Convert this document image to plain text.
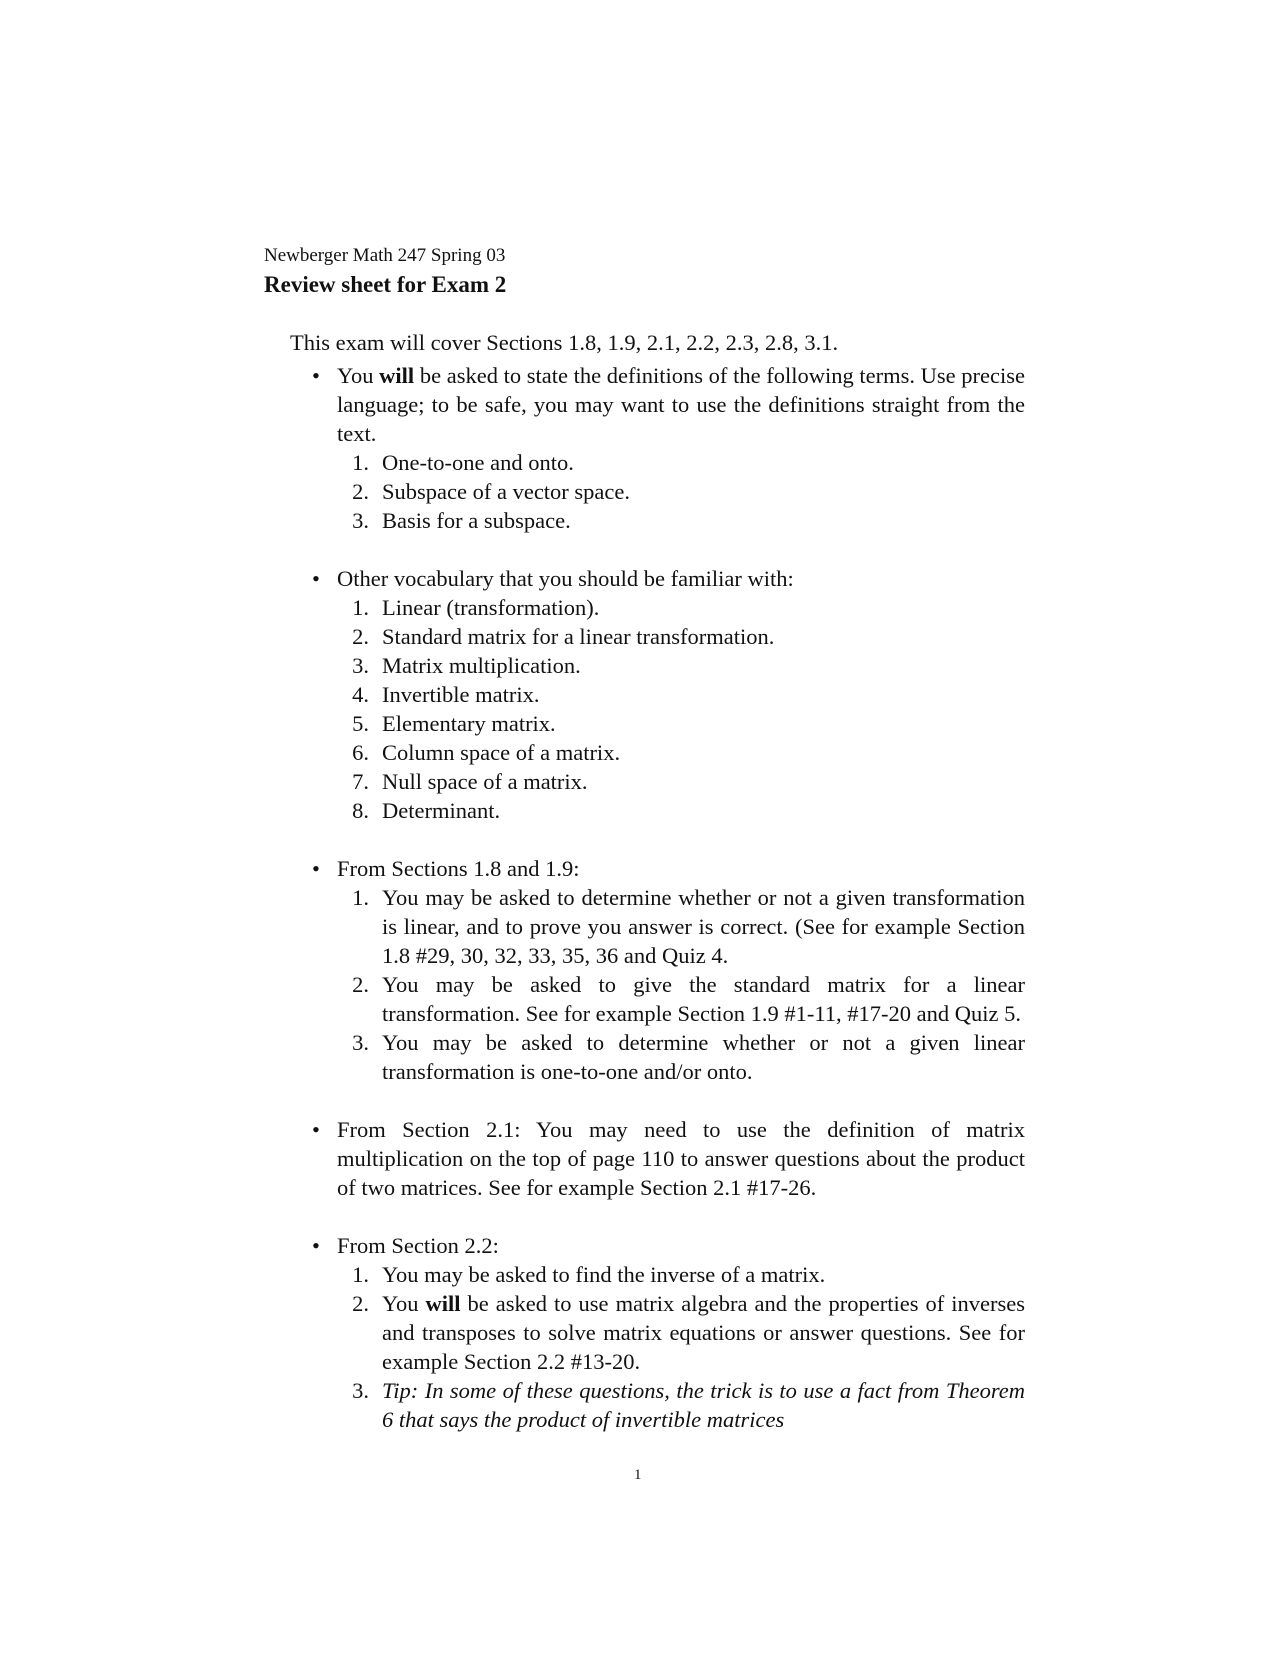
Newberger Math 247 Spring 03
Review sheet for Exam 2

This exam will cover Sections 1.8, 1.9, 2.1, 2.2, 2.3, 2.8, 3.1.

• You will be asked to state the definitions of the following terms. Use precise language; to be safe, you may want to use the definitions straight from the text.
1. One-to-one and onto.
2. Subspace of a vector space.
3. Basis for a subspace.
• Other vocabulary that you should be familiar with:
1. Linear (transformation).
2. Standard matrix for a linear transformation.
3. Matrix multiplication.
4. Invertible matrix.
5. Elementary matrix.
6. Column space of a matrix.
7. Null space of a matrix.
8. Determinant.
• From Sections 1.8 and 1.9:
1. You may be asked to determine whether or not a given transformation is linear, and to prove you answer is correct. (See for example Section 1.8 #29, 30, 32, 33, 35, 36 and Quiz 4.
2. You may be asked to give the standard matrix for a linear transformation. See for example Section 1.9 #1-11, #17-20 and Quiz 5.
3. You may be asked to determine whether or not a given linear transformation is one-to-one and/or onto.
• From Section 2.1: You may need to use the definition of matrix multiplication on the top of page 110 to answer questions about the product of two matrices. See for example Section 2.1 #17-26.
• From Section 2.2:
1. You may be asked to find the inverse of a matrix.
2. You will be asked to use matrix algebra and the properties of inverses and transposes to solve matrix equations or answer questions. See for example Section 2.2 #13-20.
3. Tip: In some of these questions, the trick is to use a fact from Theorem 6 that says the product of invertible matrices
1
